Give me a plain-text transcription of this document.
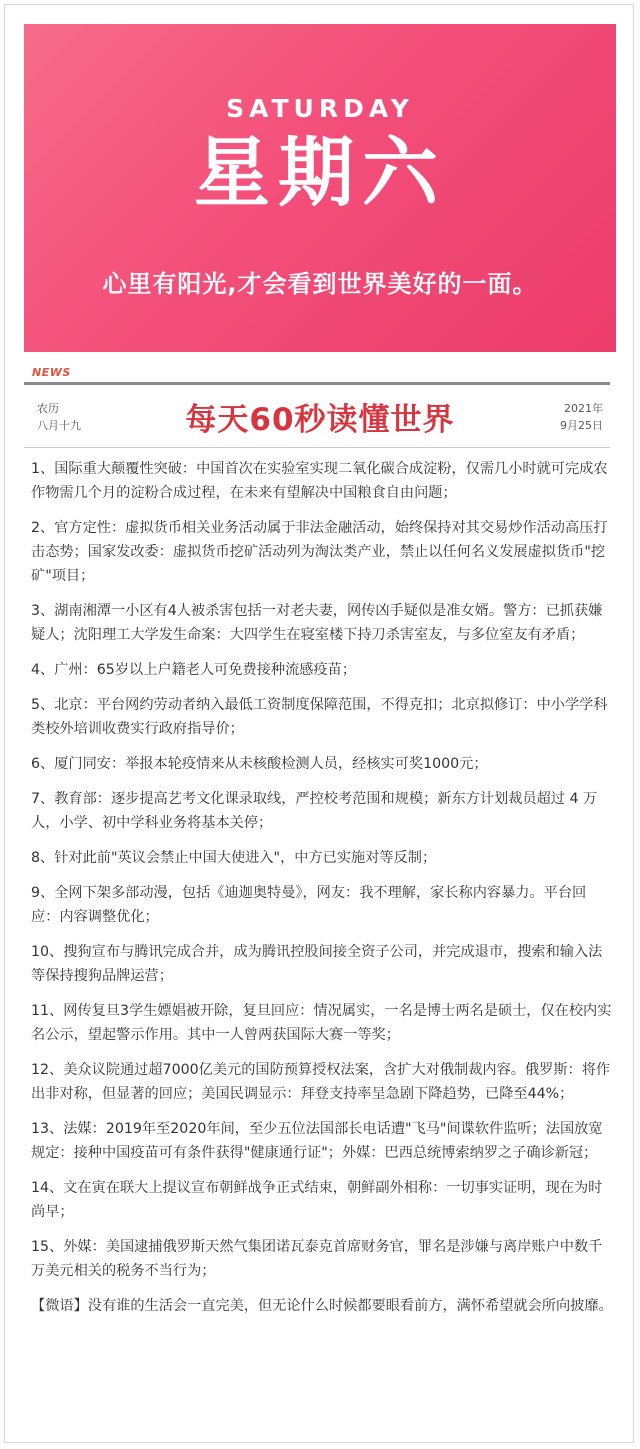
SATURDAY
星期六
心里有阳光,才会看到世界美好的一面。
NEWS
农历
八月十九	每天60秒读懂世界	2021年
9月25日

1、国际重大颠覆性突破：中国首次在实验室实现二氧化碳合成淀粉，仅需几小时就可完成农作物需几个月的淀粉合成过程，在未来有望解决中国粮食自由问题；

2、官方定性：虚拟货币相关业务活动属于非法金融活动，始终保持对其交易炒作活动高压打击态势；国家发改委：虚拟货币挖矿活动列为淘汰类产业，禁止以任何名义发展虚拟货币"挖矿"项目；

3、湖南湘潭一小区有4人被杀害包括一对老夫妻，网传凶手疑似是准女婿。警方：已抓获嫌疑人；沈阳理工大学发生命案：大四学生在寝室楼下持刀杀害室友，与多位室友有矛盾；

4、广州：65岁以上户籍老人可免费接种流感疫苗；

5、北京：平台网约劳动者纳入最低工资制度保障范围，不得克扣；北京拟修订：中小学学科类校外培训收费实行政府指导价；

6、厦门同安：举报本轮疫情来从未核酸检测人员，经核实可奖1000元；

7、教育部：逐步提高艺考文化课录取线，严控校考范围和规模；新东方计划裁员超过 4 万人，小学、初中学科业务将基本关停；

8、针对此前"英议会禁止中国大使进入"，中方已实施对等反制；

9、全网下架多部动漫，包括《迪迦奥特曼》，网友：我不理解，家长称内容暴力。平台回应：内容调整优化；

10、搜狗宣布与腾讯完成合并，成为腾讯控股间接全资子公司，并完成退市，搜索和输入法等保持搜狗品牌运营；

11、网传复旦3学生嫖娼被开除，复旦回应：情况属实，一名是博士两名是硕士，仅在校内实名公示，望起警示作用。其中一人曾两获国际大赛一等奖；

12、美众议院通过超7000亿美元的国防预算授权法案，含扩大对俄制裁内容。俄罗斯：将作出非对称，但显著的回应；美国民调显示：拜登支持率呈急剧下降趋势，已降至44%；

13、法媒：2019年至2020年间，至少五位法国部长电话遭"飞马"间谍软件监听；法国放宽规定：接种中国疫苗可有条件获得"健康通行证"；外媒：巴西总统博索纳罗之子确诊新冠；

14、文在寅在联大上提议宣布朝鲜战争正式结束，朝鲜副外相称：一切事实证明，现在为时尚早；

15、外媒：美国逮捕俄罗斯天然气集团诺瓦泰克首席财务官，罪名是涉嫌与离岸账户中数千万美元相关的税务不当行为；

【微语】没有谁的生活会一直完美，但无论什么时候都要眼看前方，满怀希望就会所向披靡。
